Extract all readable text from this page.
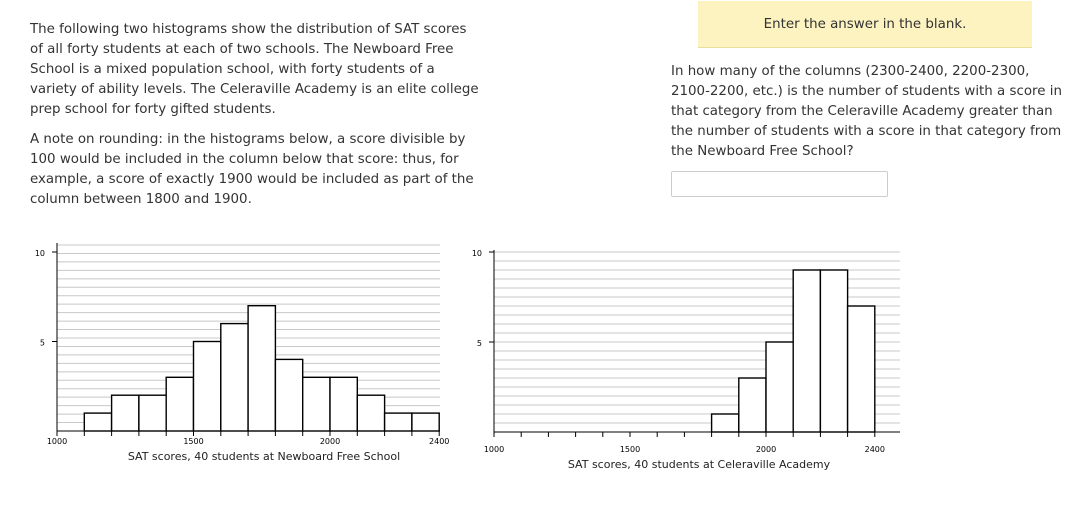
The following two histograms show the distribution of SAT scores of all forty students at each of two schools. The Newboard Free School is a mixed population school, with forty students of a variety of ability levels. The Celeraville Academy is an elite college prep school for forty gifted students.

A note on rounding: in the histograms below, a score divisible by 100 would be included in the column below that score: thus, for example, a score of exactly 1900 would be included as part of the column between 1800 and 1900.

Enter the answer in the blank.

In how many of the columns (2300-2400, 2200-2300, 2100-2200, etc.) is the number of students with a score in that category from the Celeraville Academy greater than the number of students with a score in that category from the Newboard Free School?

5
10
1000	1500	2000	2400
SAT scores, 40 students at Newboard Free School
5
10
1000	1500	2000	2400
SAT scores, 40 students at Celeraville Academy
